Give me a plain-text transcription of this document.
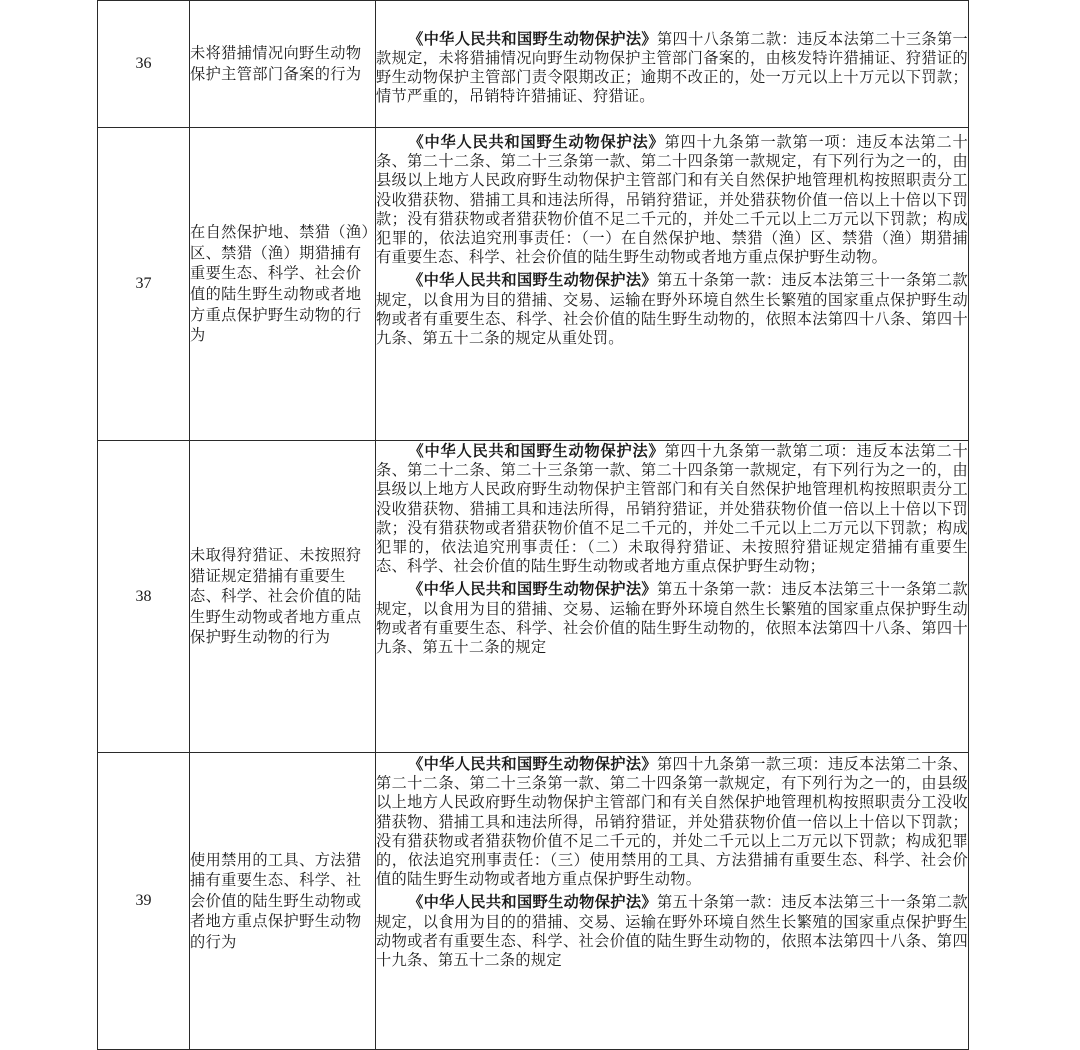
36	未将猎捕情况向野生动物保护主管部门备案的行为	《中华人民共和国野生动物保护法》第四十八条第二款：违反本法第二十三条第一款规定，未将猎捕情况向野生动物保护主管部门备案的，由核发特许猎捕证、狩猎证的野生动物保护主管部门责令限期改正；逾期不改正的，处一万元以上十万元以下罚款；情节严重的，吊销特许猎捕证、狩猎证。

37	在自然保护地、禁猎（渔）区、禁猎（渔）期猎捕有重要生态、科学、社会价值的陆生野生动物或者地方重点保护野生动物的行为	《中华人民共和国野生动物保护法》第四十九条第一款第一项：违反本法第二十条、第二十二条、第二十三条第一款、第二十四条第一款规定，有下列行为之一的，由县级以上地方人民政府野生动物保护主管部门和有关自然保护地管理机构按照职责分工没收猎获物、猎捕工具和违法所得，吊销狩猎证，并处猎获物价值一倍以上十倍以下罚款；没有猎获物或者猎获物价值不足二千元的，并处二千元以上二万元以下罚款；构成犯罪的，依法追究刑事责任：（一）在自然保护地、禁猎（渔）区、禁猎（渔）期猎捕有重要生态、科学、社会价值的陆生野生动物或者地方重点保护野生动物。

《中华人民共和国野生动物保护法》第五十条第一款：违反本法第三十一条第二款规定，以食用为目的猎捕、交易、运输在野外环境自然生长繁殖的国家重点保护野生动物或者有重要生态、科学、社会价值的陆生野生动物的，依照本法第四十八条、第四十九条、第五十二条的规定从重处罚。

38	未取得狩猎证、未按照狩猎证规定猎捕有重要生态、科学、社会价值的陆生野生动物或者地方重点保护野生动物的行为	《中华人民共和国野生动物保护法》第四十九条第一款第二项：违反本法第二十条、第二十二条、第二十三条第一款、第二十四条第一款规定，有下列行为之一的，由县级以上地方人民政府野生动物保护主管部门和有关自然保护地管理机构按照职责分工没收猎获物、猎捕工具和违法所得，吊销狩猎证，并处猎获物价值一倍以上十倍以下罚款；没有猎获物或者猎获物价值不足二千元的，并处二千元以上二万元以下罚款；构成犯罪的，依法追究刑事责任：（二）未取得狩猎证、未按照狩猎证规定猎捕有重要生态、科学、社会价值的陆生野生动物或者地方重点保护野生动物；

《中华人民共和国野生动物保护法》第五十条第一款：违反本法第三十一条第二款规定，以食用为目的猎捕、交易、运输在野外环境自然生长繁殖的国家重点保护野生动物或者有重要生态、科学、社会价值的陆生野生动物的，依照本法第四十八条、第四十九条、第五十二条的规定

39	使用禁用的工具、方法猎捕有重要生态、科学、社会价值的陆生野生动物或者地方重点保护野生动物的行为	《中华人民共和国野生动物保护法》第四十九条第一款三项：违反本法第二十条、第二十二条、第二十三条第一款、第二十四条第一款规定，有下列行为之一的，由县级以上地方人民政府野生动物保护主管部门和有关自然保护地管理机构按照职责分工没收猎获物、猎捕工具和违法所得，吊销狩猎证，并处猎获物价值一倍以上十倍以下罚款；没有猎获物或者猎获物价值不足二千元的，并处二千元以上二万元以下罚款；构成犯罪的，依法追究刑事责任：（三）使用禁用的工具、方法猎捕有重要生态、科学、社会价值的陆生野生动物或者地方重点保护野生动物。

《中华人民共和国野生动物保护法》第五十条第一款：违反本法第三十一条第二款规定，以食用为目的的猎捕、交易、运输在野外环境自然生长繁殖的国家重点保护野生动物或者有重要生态、科学、社会价值的陆生野生动物的，依照本法第四十八条、第四十九条、第五十二条的规定
